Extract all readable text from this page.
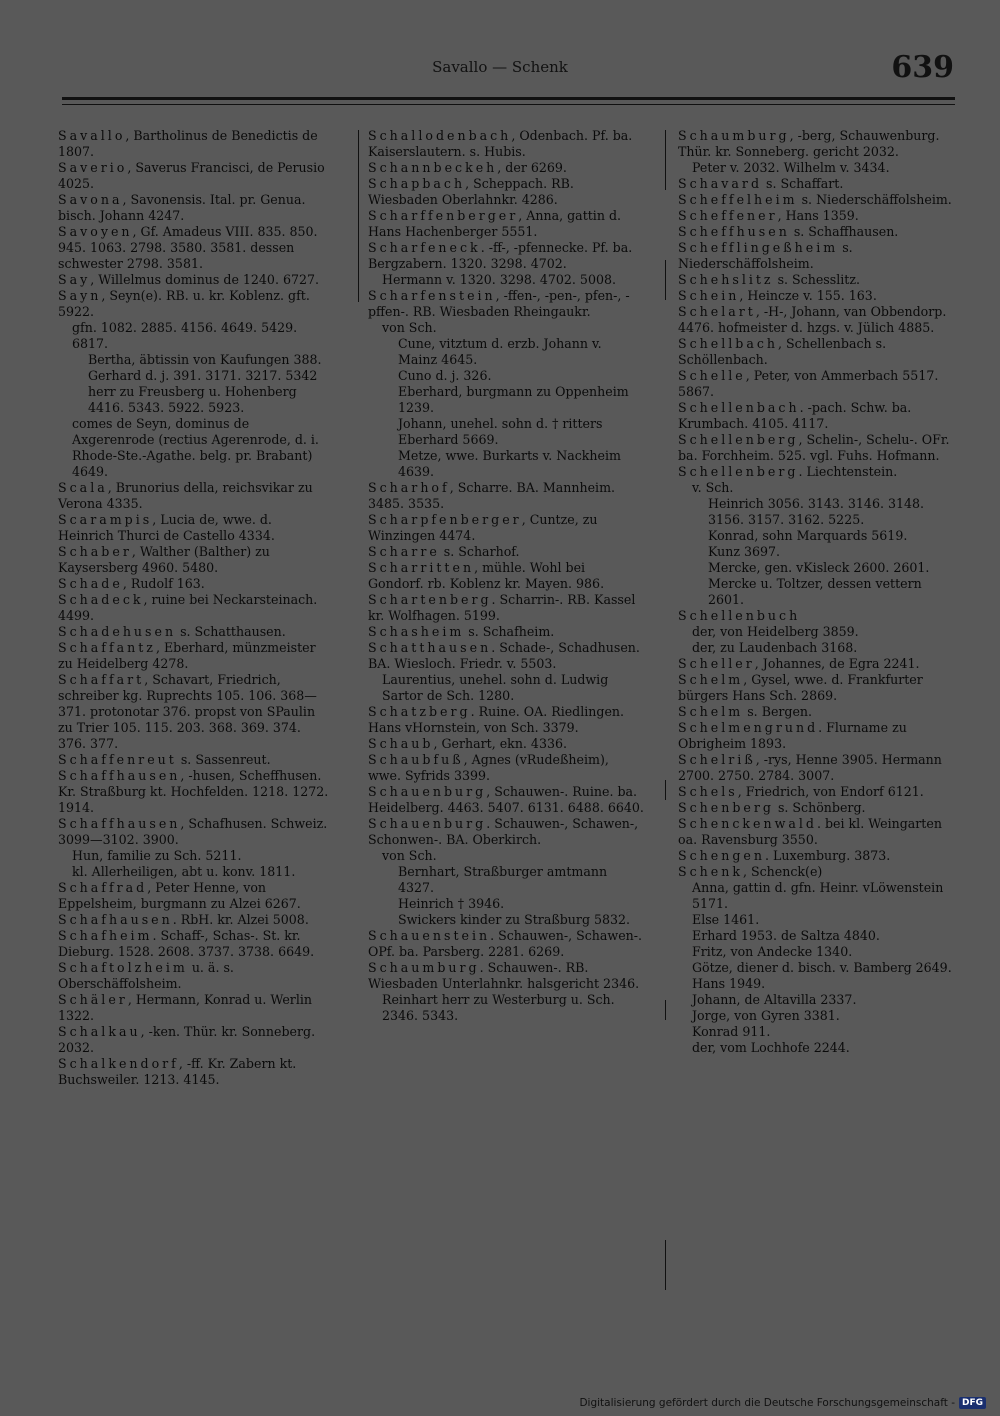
Savallo — Schenk	639

Savallo, Bartholinus de Benedictis de 1807.

Saverio, Saverus Francisci, de Perusio 4025.

Savona, Savonensis. Ital. pr. Genua. bisch. Johann 4247.

Savoyen, Gf. Amadeus VIII. 835. 850. 945. 1063. 2798. 3580. 3581. dessen schwester 2798. 3581.

Say, Willelmus dominus de 1240. 6727.

Sayn, Seyn(e). RB. u. kr. Koblenz. gft. 5922.

gfn. 1082. 2885. 4156. 4649. 5429. 6817.

Bertha, äbtissin von Kaufungen 388.

Gerhard d. j. 391. 3171. 3217. 5342 herr zu Freusberg u. Hohenberg 4416. 5343. 5922. 5923.

comes de Seyn, dominus de Axgerenrode (rectius Agerenrode, d. i. Rhode-Ste.-Agathe. belg. pr. Brabant) 4649.

Scala, Brunorius della, reichsvikar zu Verona 4335.

Scarampis, Lucia de, wwe. d. Heinrich Thurci de Castello 4334.

Schaber, Walther (Balther) zu Kaysersberg 4960. 5480.

Schade, Rudolf 163.

Schadeck, ruine bei Neckarsteinach. 4499.

Schadehusen s. Schatthausen.

Schaffantz, Eberhard, münzmeister zu Heidelberg 4278.

Schaffart, Schavart, Friedrich, schreiber kg. Ruprechts 105. 106. 368—371. protonotar 376. propst von SPaulin zu Trier 105. 115. 203. 368. 369. 374. 376. 377.

Schaffenreut s. Sassenreut.

Schaffhausen, -husen, Scheffhusen. Kr. Straßburg kt. Hochfelden. 1218. 1272. 1914.

Schaffhausen, Schafhusen. Schweiz. 3099—3102. 3900.

Hun, familie zu Sch. 5211.

kl. Allerheiligen, abt u. konv. 1811.

Schaffrad, Peter Henne, von Eppelsheim, burgmann zu Alzei 6267.

Schafhausen. RbH. kr. Alzei 5008.

Schafheim. Schaff-, Schas-. St. kr. Dieburg. 1528. 2608. 3737. 3738. 6649.

Schaftolzheim u. ä. s. Oberschäffolsheim.

Schäler, Hermann, Konrad u. Werlin 1322.

Schalkau, -ken. Thür. kr. Sonneberg. 2032.

Schalkendorf, -ff. Kr. Zabern kt. Buchsweiler. 1213. 4145.

Schallodenbach, Odenbach. Pf. ba. Kaiserslautern. s. Hubis.

Schannbeckeh, der 6269.

Schapbach, Scheppach. RB. Wiesbaden Oberlahnkr. 4286.

Scharffenberger, Anna, gattin d. Hans Hachenberger 5551.

Scharfeneck. -ff-, -pfennecke. Pf. ba. Bergzabern. 1320. 3298. 4702.

Hermann v. 1320. 3298. 4702. 5008.

Scharfenstein, -ffen-, -pen-, pfen-, -pffen-. RB. Wiesbaden Rheingaukr.

von Sch.

Cune, vitztum d. erzb. Johann v. Mainz 4645.

Cuno d. j. 326.

Eberhard, burgmann zu Oppenheim 1239.

Johann, unehel. sohn d. † ritters Eberhard 5669.

Metze, wwe. Burkarts v. Nackheim 4639.

Scharhof, Scharre. BA. Mannheim. 3485. 3535.

Scharpfenberger, Cuntze, zu Winzingen 4474.

Scharre s. Scharhof.

Scharritten, mühle. Wohl bei Gondorf. rb. Koblenz kr. Mayen. 986.

Schartenberg. Scharrin-. RB. Kassel kr. Wolfhagen. 5199.

Schasheim s. Schafheim.

Schatthausen. Schade-, Schadhusen. BA. Wiesloch. Friedr. v. 5503.

Laurentius, unehel. sohn d. Ludwig Sartor de Sch. 1280.

Schatzberg. Ruine. OA. Riedlingen. Hans vHornstein, von Sch. 3379.

Schaub, Gerhart, ekn. 4336.

Schaubfuß, Agnes (vRudeßheim), wwe. Syfrids 3399.

Schauenburg, Schauwen-. Ruine. ba. Heidelberg. 4463. 5407. 6131. 6488. 6640.

Schauenburg. Schauwen-, Schawen-, Schonwen-. BA. Oberkirch.

von Sch.

Bernhart, Straßburger amtmann 4327.

Heinrich † 3946.

Swickers kinder zu Straßburg 5832.

Schauenstein. Schauwen-, Schawen-. OPf. ba. Parsberg. 2281. 6269.

Schaumburg. Schauwen-. RB. Wiesbaden Unterlahnkr. halsgericht 2346.

Reinhart herr zu Westerburg u. Sch. 2346. 5343.

Schaumburg, -berg, Schauwenburg. Thür. kr. Sonneberg. gericht 2032.

Peter v. 2032. Wilhelm v. 3434.

Schavard s. Schaffart.

Scheffelheim s. Niederschäffolsheim.

Scheffener, Hans 1359.

Scheffhusen s. Schaffhausen.

Schefflingeßheim s. Niederschäffolsheim.

Schehslitz s. Schesslitz.

Schein, Heincze v. 155. 163.

Schelart, -H-, Johann, van Obbendorp. 4476. hofmeister d. hzgs. v. Jülich 4885.

Schellbach, Schellenbach s. Schöllenbach.

Schelle, Peter, von Ammerbach 5517. 5867.

Schellenbach. -pach. Schw. ba. Krumbach. 4105. 4117.

Schellenberg, Schelin-, Schelu-. OFr. ba. Forchheim. 525. vgl. Fuhs. Hofmann.

Schellenberg. Liechtenstein.

v. Sch.

Heinrich 3056. 3143. 3146. 3148. 3156. 3157. 3162. 5225.

Konrad, sohn Marquards 5619.

Kunz 3697.

Mercke, gen. vKisleck 2600. 2601.

Mercke u. Toltzer, dessen vettern 2601.

Schellenbuch

der, von Heidelberg 3859.

der, zu Laudenbach 3168.

Scheller, Johannes, de Egra 2241.

Schelm, Gysel, wwe. d. Frankfurter bürgers Hans Sch. 2869.

Schelm s. Bergen.

Schelmengrund. Flurname zu Obrigheim 1893.

Schelriß, -rys, Henne 3905. Hermann 2700. 2750. 2784. 3007.

Schels, Friedrich, von Endorf 6121.

Schenberg s. Schönberg.

Schenckenwald. bei kl. Weingarten oa. Ravensburg 3550.

Schengen. Luxemburg. 3873.

Schenk, Schenck(e)

Anna, gattin d. gfn. Heinr. vLöwenstein 5171.

Else 1461.

Erhard 1953. de Saltza 4840.

Fritz, von Andecke 1340.

Götze, diener d. bisch. v. Bamberg 2649.

Hans 1949.

Johann, de Altavilla 2337.

Jorge, von Gyren 3381.

Konrad 911.

der, vom Lochhofe 2244.

Digitalisierung gefördert durch die Deutsche Forschungsgemeinschaft - DFG
